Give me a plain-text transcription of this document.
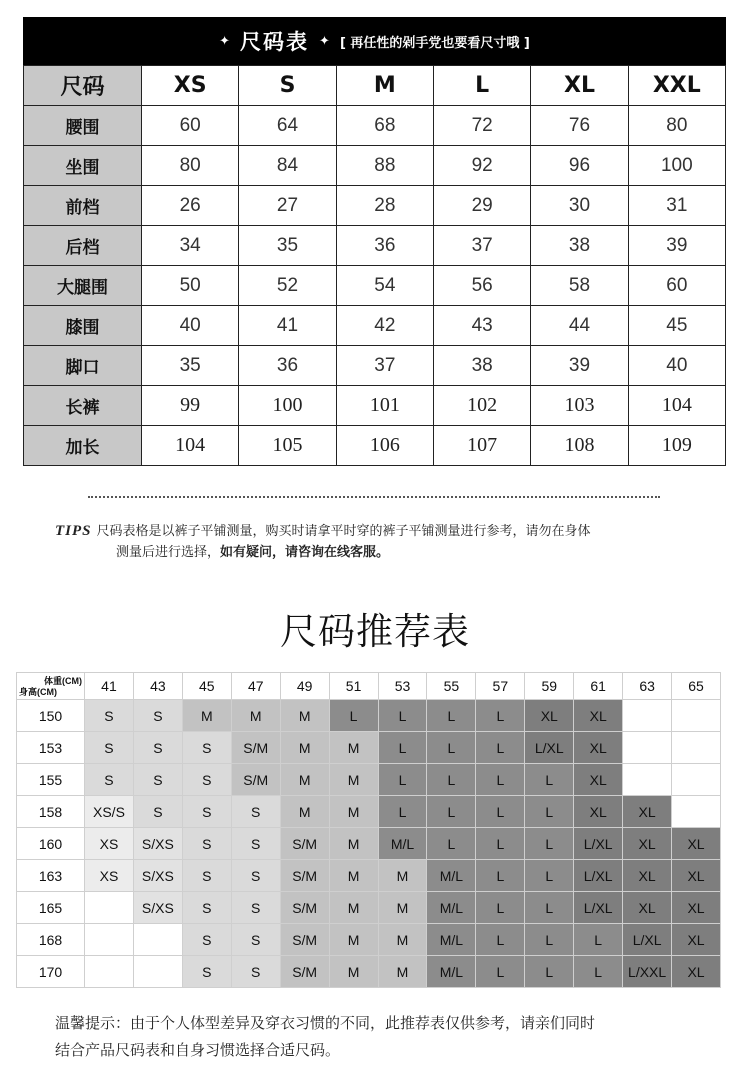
✦ 尺码表 ✦ [ 再任性的剁手党也要看尺寸哦 ]
尺码	XS	S	M	L	XL	XXL
腰围	60	64	68	72	76	80
坐围	80	84	88	92	96	100
前档	26	27	28	29	30	31
后档	34	35	36	37	38	39
大腿围	50	52	54	56	58	60
膝围	40	41	42	43	44	45
脚口	35	36	37	38	39	40
长裤	99	100	101	102	103	104
加长	104	105	106	107	108	109
TIPS 尺码表格是以裤子平铺测量，购买时请拿平时穿的裤子平铺测量进行参考，请勿在身体
测量后进行选择，如有疑问，请咨询在线客服。
尺码推荐表
体重(CM)
身高(CM)	41	43	45	47	49	51	53	55	57	59	61	63	65
150	S	S	M	M	M	L	L	L	L	XL	XL		
153	S	S	S	S/M	M	M	L	L	L	L/XL	XL		
155	S	S	S	S/M	M	M	L	L	L	L	XL		
158	XS/S	S	S	S	M	M	L	L	L	L	XL	XL	
160	XS	S/XS	S	S	S/M	M	M/L	L	L	L	L/XL	XL	XL
163	XS	S/XS	S	S	S/M	M	M	M/L	L	L	L/XL	XL	XL
165		S/XS	S	S	S/M	M	M	M/L	L	L	L/XL	XL	XL
168			S	S	S/M	M	M	M/L	L	L	L	L/XL	XL
170			S	S	S/M	M	M	M/L	L	L	L	L/XXL	XL
温馨提示：由于个人体型差异及穿衣习惯的不同，此推荐表仅供参考，请亲们同时
结合产品尺码表和自身习惯选择合适尺码。
